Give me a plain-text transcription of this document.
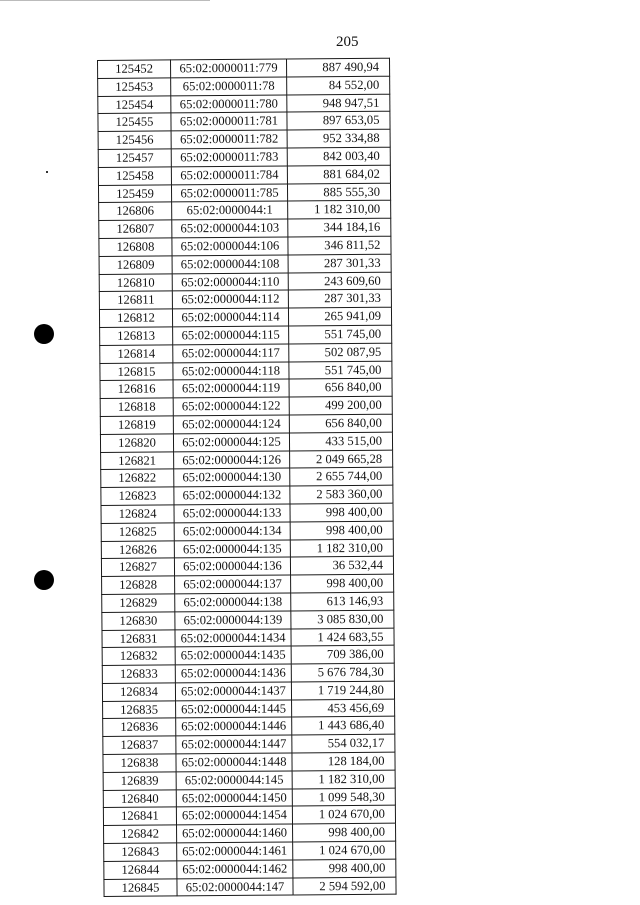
205
125452	65:02:0000011:779	887 490,94
125453	65:02:0000011:78	84 552,00
125454	65:02:0000011:780	948 947,51
125455	65:02:0000011:781	897 653,05
125456	65:02:0000011:782	952 334,88
125457	65:02:0000011:783	842 003,40
125458	65:02:0000011:784	881 684,02
125459	65:02:0000011:785	885 555,30
126806	65:02:0000044:1	1 182 310,00
126807	65:02:0000044:103	344 184,16
126808	65:02:0000044:106	346 811,52
126809	65:02:0000044:108	287 301,33
126810	65:02:0000044:110	243 609,60
126811	65:02:0000044:112	287 301,33
126812	65:02:0000044:114	265 941,09
126813	65:02:0000044:115	551 745,00
126814	65:02:0000044:117	502 087,95
126815	65:02:0000044:118	551 745,00
126816	65:02:0000044:119	656 840,00
126818	65:02:0000044:122	499 200,00
126819	65:02:0000044:124	656 840,00
126820	65:02:0000044:125	433 515,00
126821	65:02:0000044:126	2 049 665,28
126822	65:02:0000044:130	2 655 744,00
126823	65:02:0000044:132	2 583 360,00
126824	65:02:0000044:133	998 400,00
126825	65:02:0000044:134	998 400,00
126826	65:02:0000044:135	1 182 310,00
126827	65:02:0000044:136	36 532,44
126828	65:02:0000044:137	998 400,00
126829	65:02:0000044:138	613 146,93
126830	65:02:0000044:139	3 085 830,00
126831	65:02:0000044:1434	1 424 683,55
126832	65:02:0000044:1435	709 386,00
126833	65:02:0000044:1436	5 676 784,30
126834	65:02:0000044:1437	1 719 244,80
126835	65:02:0000044:1445	453 456,69
126836	65:02:0000044:1446	1 443 686,40
126837	65:02:0000044:1447	554 032,17
126838	65:02:0000044:1448	128 184,00
126839	65:02:0000044:145	1 182 310,00
126840	65:02:0000044:1450	1 099 548,30
126841	65:02:0000044:1454	1 024 670,00
126842	65:02:0000044:1460	998 400,00
126843	65:02:0000044:1461	1 024 670,00
126844	65:02:0000044:1462	998 400,00
126845	65:02:0000044:147	2 594 592,00
